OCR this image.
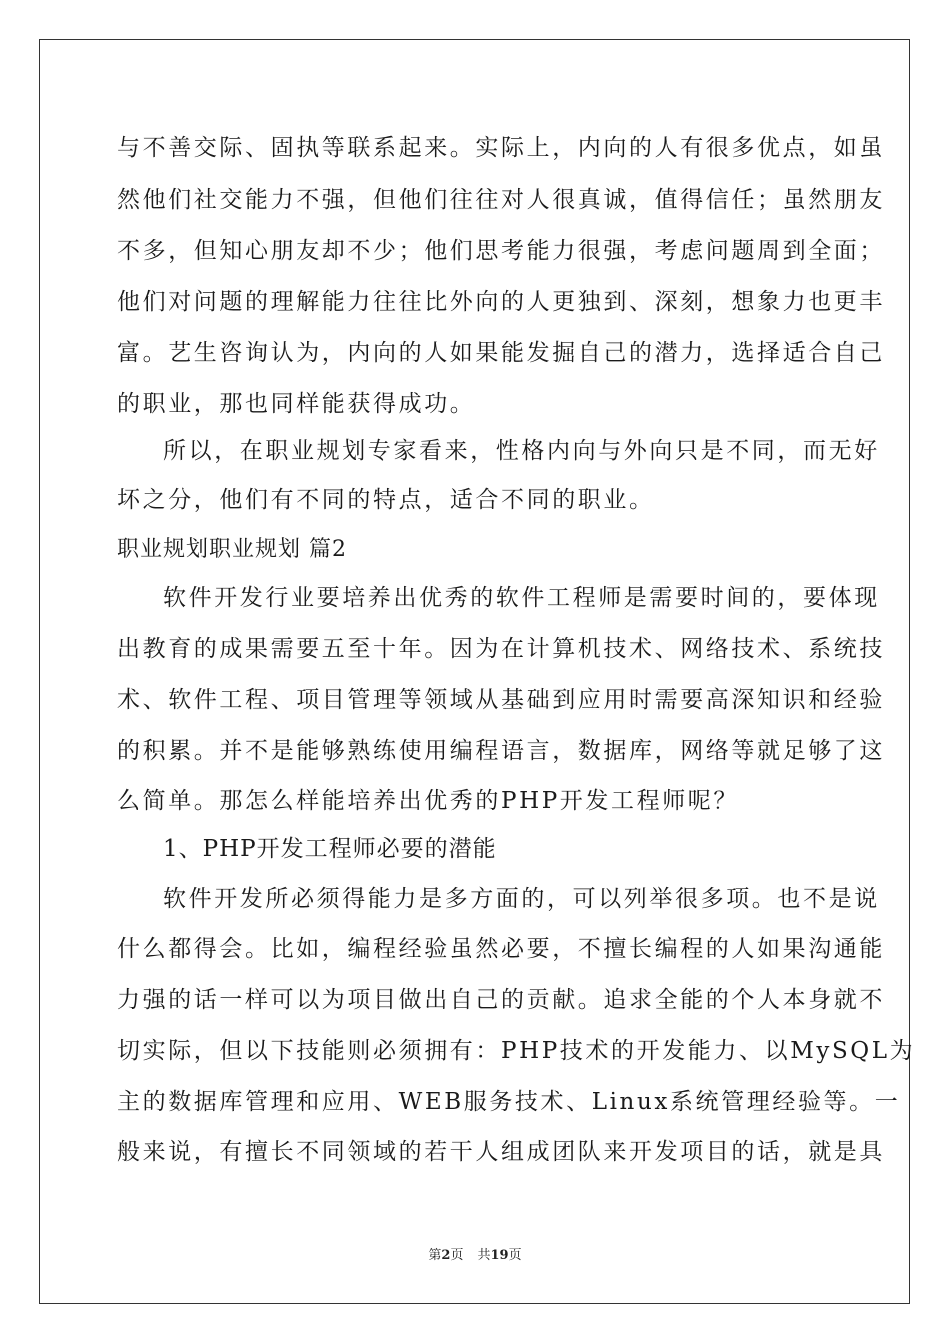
与不善交际、固执等联系起来。实际上，内向的人有很多优点，如虽
然他们社交能力不强，但他们往往对人很真诚，值得信任；虽然朋友
不多，但知心朋友却不少；他们思考能力很强，考虑问题周到全面；
他们对问题的理解能力往往比外向的人更独到、深刻，想象力也更丰
富。艺生咨询认为，内向的人如果能发掘自己的潜力，选择适合自己
的职业，那也同样能获得成功。
所以，在职业规划专家看来，性格内向与外向只是不同，而无好
坏之分，他们有不同的特点，适合不同的职业。
职业规划职业规划 篇2
软件开发行业要培养出优秀的软件工程师是需要时间的，要体现
出教育的成果需要五至十年。因为在计算机技术、网络技术、系统技
术、软件工程、项目管理等领域从基础到应用时需要高深知识和经验
的积累。并不是能够熟练使用编程语言，数据库，网络等就足够了这
么简单。那怎么样能培养出优秀的PHP开发工程师呢？
1、PHP开发工程师必要的潜能
软件开发所必须得能力是多方面的，可以列举很多项。也不是说
什么都得会。比如，编程经验虽然必要，不擅长编程的人如果沟通能
力强的话一样可以为项目做出自己的贡献。追求全能的个人本身就不
切实际，但以下技能则必须拥有：PHP技术的开发能力、以MySQL为
主的数据库管理和应用、WEB服务技术、Linux系统管理经验等。一
般来说，有擅长不同领域的若干人组成团队来开发项目的话，就是具
第2页 共19页
